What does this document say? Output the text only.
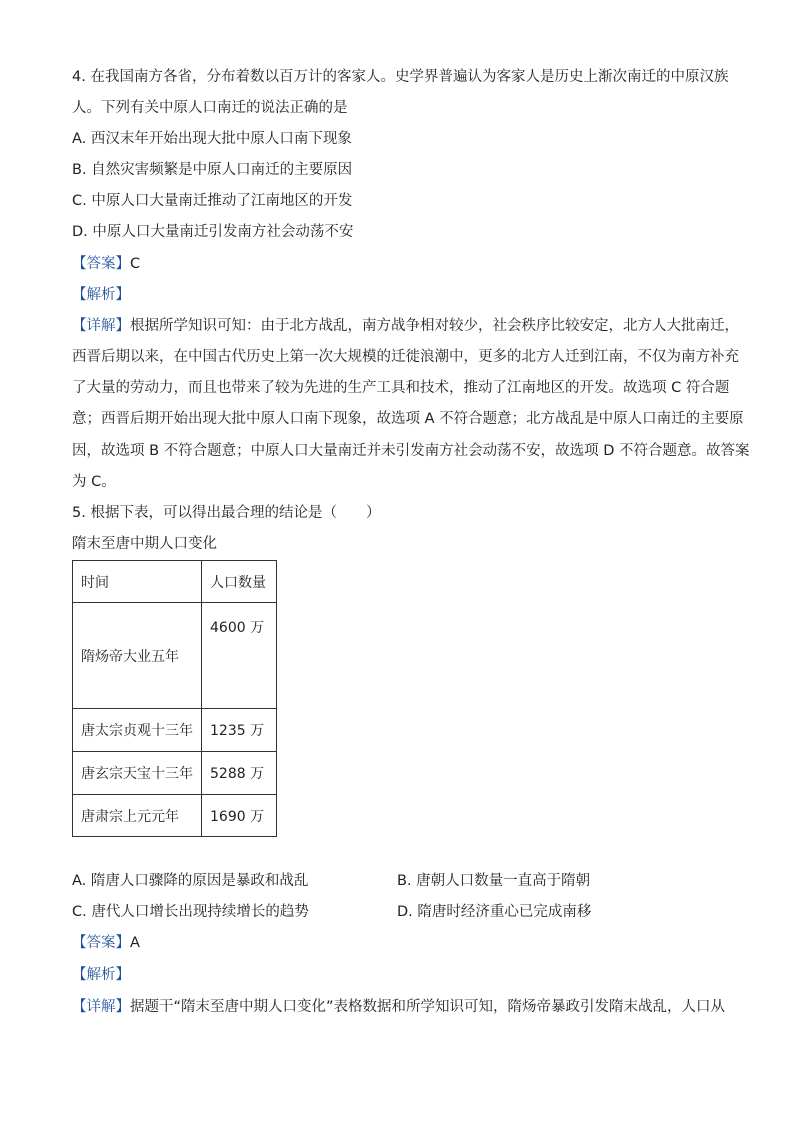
4. 在我国南方各省，分布着数以百万计的客家人。史学界普遍认为客家人是历史上渐次南迁的中原汉族
人。下列有关中原人口南迁的说法正确的是
A. 西汉末年开始出现大批中原人口南下现象
B. 自然灾害频繁是中原人口南迁的主要原因
C. 中原人口大量南迁推动了江南地区的开发
D. 中原人口大量南迁引发南方社会动荡不安
【答案】C
【解析】
【详解】根据所学知识可知：由于北方战乱，南方战争相对较少，社会秩序比较安定，北方人大批南迁，
西晋后期以来，在中国古代历史上第一次大规模的迁徙浪潮中，更多的北方人迁到江南，不仅为南方补充
了大量的劳动力，而且也带来了较为先进的生产工具和技术，推动了江南地区的开发。故选项 C 符合题
意；西晋后期开始出现大批中原人口南下现象，故选项 A 不符合题意；北方战乱是中原人口南迁的主要原
因，故选项 B 不符合题意；中原人口大量南迁并未引发南方社会动荡不安，故选项 D 不符合题意。故答案
为 C。
5. 根据下表，可以得出最合理的结论是（　　）
隋末至唐中期人口变化
时间	人口数量
隋炀帝大业五年	4600 万
唐太宗贞观十三年	1235 万
唐玄宗天宝十三年	5288 万
唐肃宗上元元年	1690 万
A. 隋唐人口骤降的原因是暴政和战乱	B. 唐朝人口数量一直高于隋朝
C. 唐代人口增长出现持续增长的趋势	D. 隋唐时经济重心已完成南移
【答案】A
【解析】
【详解】据题干“隋末至唐中期人口变化”表格数据和所学知识可知，隋炀帝暴政引发隋末战乱，人口从
